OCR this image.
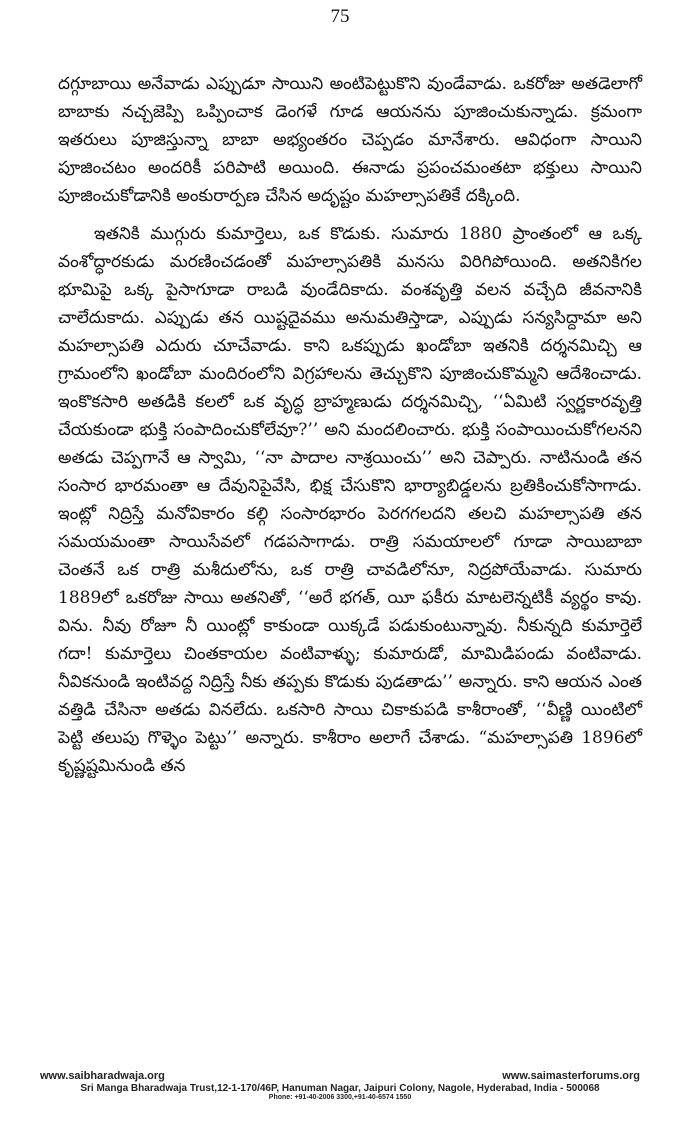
75

దగ్గూబాయి అనేవాడు ఎప్పుడూ సాయిని అంటిపెట్టుకొని వుండేవాడు. ఒకరోజు అతడెలాగో బాబాకు నచ్చజెప్పి ఒప్పించాక డెంగళే గూడ ఆయనను పూజించుకున్నాడు. క్రమంగా ఇతరులు పూజిస్తున్నా బాబా అభ్యంతరం చెప్పడం మానేశారు. ఆవిధంగా సాయిని పూజించటం అందరికీ పరిపాటి అయింది. ఈనాడు ప్రపంచమంతటా భక్తులు సాయిని పూజించుకోడానికి అంకురార్పణ చేసిన అదృష్టం మహల్సాపతికే దక్కింది.

ఇతనికి ముగ్గురు కుమార్తెలు, ఒక కొడుకు. సుమారు 1880 ప్రాంతంలో ఆ ఒక్క వంశోద్ధారకుడు మరణించడంతో మహల్సాపతికి మనసు విరిగిపోయింది. అతనికిగల భూమిపై ఒక్క పైసాగూడా రాబడి వుండేదికాదు. వంశవృత్తి వలన వచ్చేది జీవనానికి చాలేదుకాదు. ఎప్పుడు తన యిష్టదైవము అనుమతిస్తాడా, ఎప్పుడు సన్యసిద్దామా అని మహల్సాపతి ఎదురు చూచేవాడు. కాని ఒకప్పుడు ఖండోబా ఇతనికి దర్శనమిచ్చి ఆ గ్రామంలోని ఖండోబా మందిరంలోని విగ్రహాలను తెచ్చుకొని పూజించుకొమ్మని ఆదేశించాడు. ఇంకొకసారి అతడికి కలలో ఒక వృద్ధ బ్రాహ్మణుడు దర్శనమిచ్చి, ‘‘ఏమిటి స్వర్ణకారవృత్తి చేయకుండా భుక్తి సంపాదించుకోలేవూ?’’ అని మందలించారు. భుక్తి సంపాయించుకోగలనని అతడు చెప్పగానే ఆ స్వామి, ‘‘నా పాదాల నాశ్రయించు’’ అని చెప్పారు. నాటినుండి తన సంసార భారమంతా ఆ దేవునిపైవేసి, భిక్ష చేసుకొని భార్యాబిడ్డలను బ్రతికించుకోసాగాడు. ఇంట్లో నిద్రిస్తే మనోవికారం కల్గి సంసారభారం పెరగగలదని తలచి మహల్సాపతి తన సమయమంతా సాయిసేవలో గడపసాగాడు. రాత్రి సమయాలలో గూడా సాయిబాబా చెంతనే ఒక రాత్రి మశీదులోను, ఒక రాత్రి చావడిలోనూ, నిద్రపోయేవాడు. సుమారు 1889లో ఒకరోజు సాయి అతనితో, ‘‘అరే భగత్, యీ ఫకీరు మాటలెన్నటికీ వ్యర్థం కావు. విను. నీవు రోజూ నీ యింట్లో కాకుండా యిక్కడే పడుకుంటున్నావు. నీకున్నది కుమార్తెలే గదా! కుమార్తెలు చింతకాయల వంటివాళ్ళు; కుమారుడో, మామిడిపండు వంటివాడు. నీవికనుండి ఇంటివద్ద నిద్రిస్తే నీకు తప్పకు కొడుకు పుడతాడు’’ అన్నారు. కాని ఆయన ఎంత వత్తిడి చేసినా అతడు వినలేదు. ఒకసారి సాయి చికాకుపడి కాశీరాంతో, ‘‘వీణ్ణి యింటిలో పెట్టి తలుపు గొళ్ళెం పెట్టు’’ అన్నారు. కాశీరాం అలాగే చేశాడు. “మహల్సాపతి 1896లో కృష్ణష్టమినుండి తన

www.saibharadwaja.org	www.saimasterforums.org
Sri Manga Bharadwaja Trust,12-1-170/46P, Hanuman Nagar, Jaipuri Colony, Nagole, Hyderabad, India - 500068
Phone: +91-40-2006 3300,+91-40-6574 1550
